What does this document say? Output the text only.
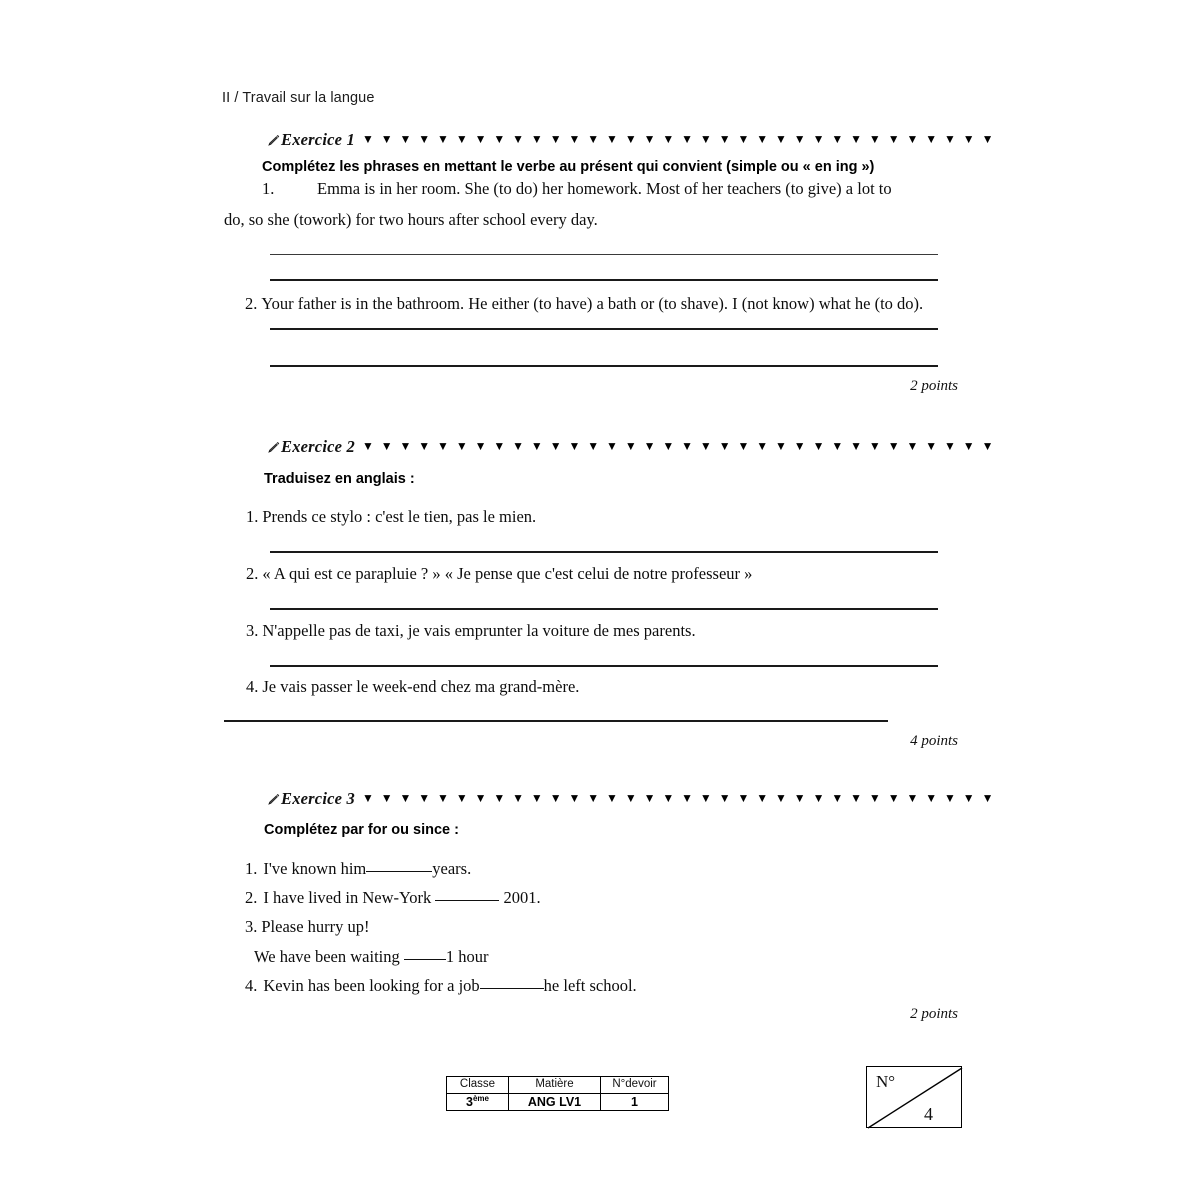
II / Travail sur la langue
Exercice 1 ▼▼▼▼▼▼▼▼▼▼▼▼▼▼▼▼▼▼▼▼▼▼▼▼▼▼▼▼▼▼▼▼▼▼
Complétez les phrases en mettant le verbe au présent qui convient (simple ou « en ing »)
1.	Emma is in her room. She (to do) her homework. Most of her teachers (to give) a lot to
do, so she (towork) for two hours after school every day.
2. Your father is in the bathroom. He either (to have) a bath or (to shave). I (not know) what he (to do).
2 points
Exercice 2 ▼▼▼▼▼▼▼▼▼▼▼▼▼▼▼▼▼▼▼▼▼▼▼▼▼▼▼▼▼▼▼▼▼▼
Traduisez en anglais :
1. Prends ce stylo : c'est le tien, pas le mien.
2. « A qui est ce parapluie ? » « Je pense que c'est celui de notre professeur »
3. N'appelle pas de taxi, je vais emprunter la voiture de mes parents.
4. Je vais passer le week-end chez ma grand-mère.
4 points
Exercice 3 ▼▼▼▼▼▼▼▼▼▼▼▼▼▼▼▼▼▼▼▼▼▼▼▼▼▼▼▼▼▼▼▼▼▼
Complétez par for ou since :
1. I've known him	years.
2. I have lived in New-York	2001.
3. Please hurry up!
We have been waiting	1 hour
4. Kevin has been looking for a job	he left school.
2 points
Classe	Matière	N°devoir
3ème	ANG LV1	1
N°
4
